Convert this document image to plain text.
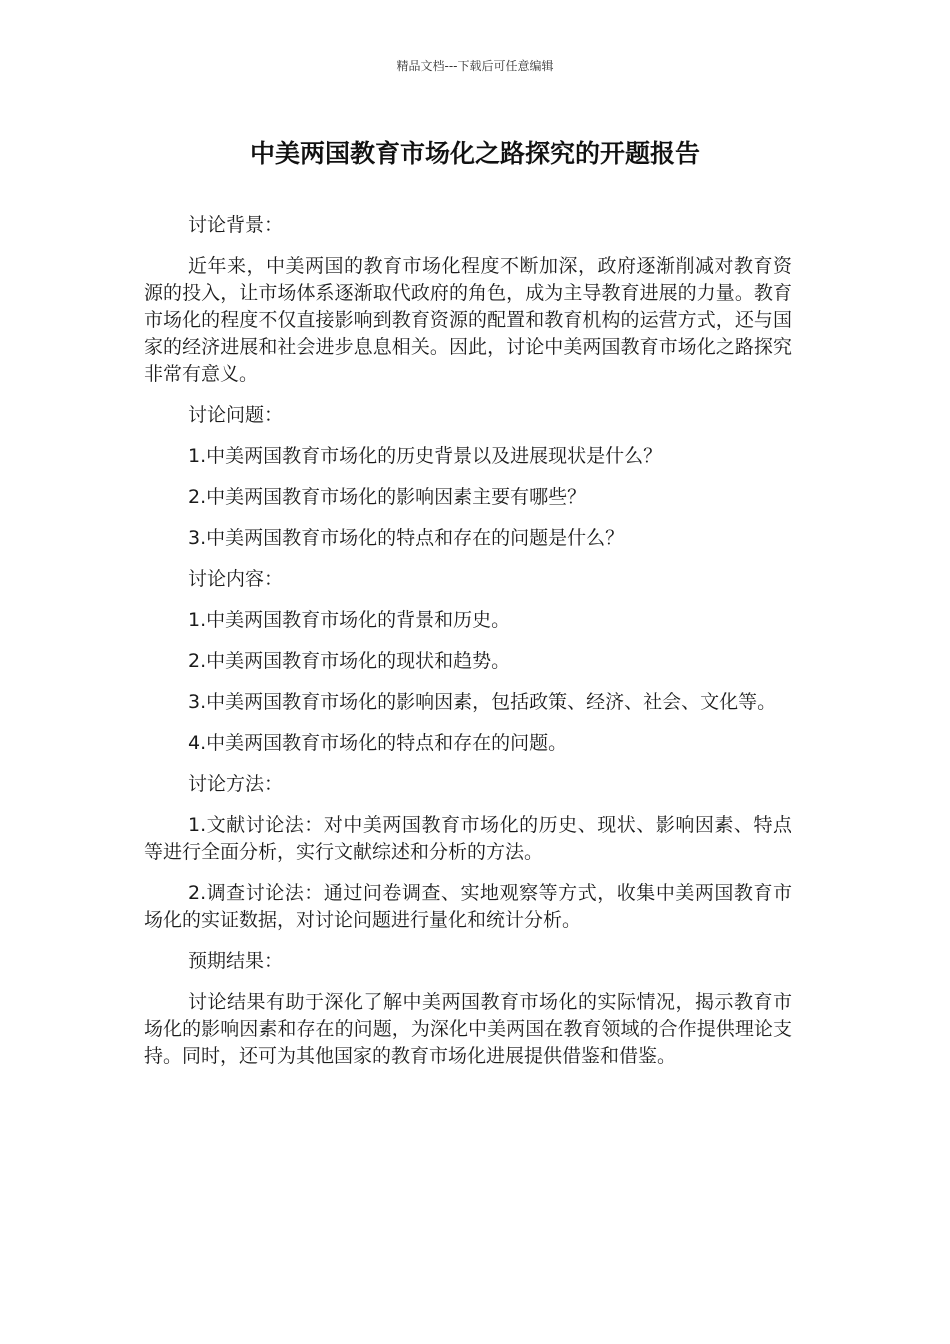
精品文档---下载后可任意编辑
中美两国教育市场化之路探究的开题报告

讨论背景：

近年来，中美两国的教育市场化程度不断加深，政府逐渐削减对教育资源的投入，让市场体系逐渐取代政府的角色，成为主导教育进展的力量。教育市场化的程度不仅直接影响到教育资源的配置和教育机构的运营方式，还与国家的经济进展和社会进步息息相关。因此，讨论中美两国教育市场化之路探究非常有意义。

讨论问题：

1.中美两国教育市场化的历史背景以及进展现状是什么？

2.中美两国教育市场化的影响因素主要有哪些？

3.中美两国教育市场化的特点和存在的问题是什么？

讨论内容：

1.中美两国教育市场化的背景和历史。

2.中美两国教育市场化的现状和趋势。

3.中美两国教育市场化的影响因素，包括政策、经济、社会、文化等。

4.中美两国教育市场化的特点和存在的问题。

讨论方法：

1.文献讨论法：对中美两国教育市场化的历史、现状、影响因素、特点等进行全面分析，实行文献综述和分析的方法。

2.调查讨论法：通过问卷调查、实地观察等方式，收集中美两国教育市场化的实证数据，对讨论问题进行量化和统计分析。

预期结果：

讨论结果有助于深化了解中美两国教育市场化的实际情况，揭示教育市场化的影响因素和存在的问题，为深化中美两国在教育领域的合作提供理论支持。同时，还可为其他国家的教育市场化进展提供借鉴和借鉴。
